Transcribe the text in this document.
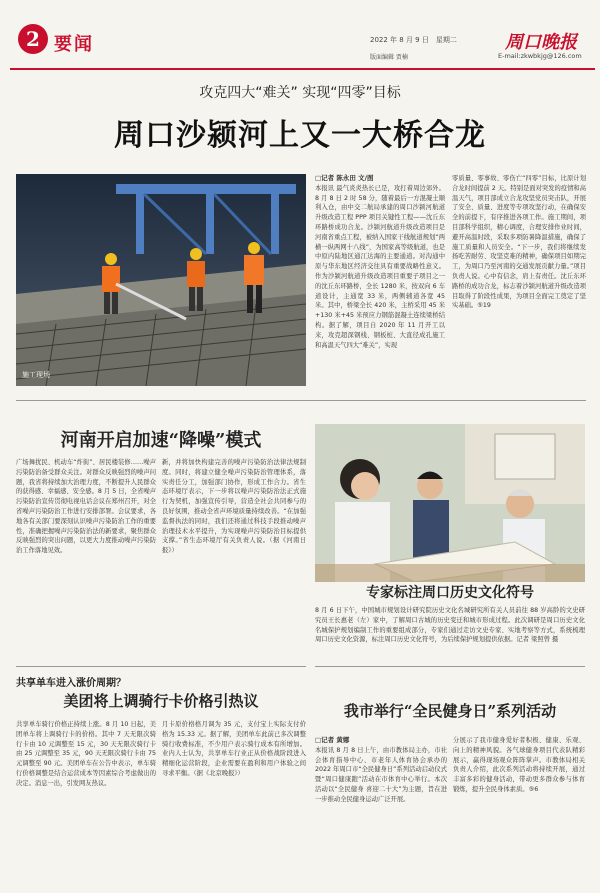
2 要闻	2022 年 8 月 9 日　星期二
版面编辑 贾楠
周口晚报
E-mail:zkwbkjg@126.com
攻克四大“难关” 实现“四零”目标
周口沙颍河上又一大桥合龙
施工现场
□记者 陈永田 文/图
本报讯 最气炎炎热长已是，攻打着周边郊外。8 月 8 日 2 时 58 分，随着最后一方混凝土顺利入仓，由中交二航局承建的周口沙颍河航道升级改造工程 PPP 项目关键性工程——沈丘东环路桥成功合龙。沙颍河航道升级改造项目是河南省重点工程，被纳入国家干线航道规划“两横一纵两网十八线”，为国家高等级航道，也是中原内陆地区通江达海的主要通道。对沟通中原与华东地区经济交往具有重要战略性意义。作为沙颍河航道升级改造项目重要子项目之一的沈丘东环路桥，全长 1280 米，按双向 6 车道设计，主通宽 33 米，两侧辅道各宽 45 米。其中，桥梁全长 420 米，主桥采用 45 米+130 米+45 米预应力钢筋混凝土连续梁桥结构。据了解，项目自 2020 年 11 月开工以来，攻克超深钢栈、钢板桩、大直径成孔施工和高温天气四大“难关”，实现
零质量、零事故、零伤亡“四零”目标，比原计划合龙时间提前 2 天。特别是面对突发的疫情和高温天气，项目部成立合龙攻坚党员突击队，开展了安全、质量、进度等专项攻坚行动，在确保安全的前提下，有序推进各项工作。施工期间，项目部科学组织，精心调度，合理安排作业时间，避开高温时段，采取多项防暑降温措施，确保了施工质量和人员安全。“下一步，我们将继续发扬吃苦耐劳、攻坚克难的精神，确保项目如期完工，为周口乃至河南的交通发展贡献力量。”项目负责人说。心中有信念，肩上有责任。沈丘东环路桥的成功合龙，标志着沙颍河航道升级改造项目取得了阶段性成果，为项目全面完工奠定了坚实基础。⑤19
河南开启加速“降噪”模式
广场舞扰民、机动车“炸街”、居民楼装修……噪声污染防治备受群众关注。对群众反映强烈的噪声问题，我省将持续加大治理力度，不断提升人民群众的获得感、幸福感、安全感。8 月 5 日，全省噪声污染防治宣传贯彻电视电话会议在郑州召开，对全省噪声污染防治工作进行安排部署。会议要求，各地各有关部门要深刻认识噪声污染防治工作的重要性，准确把握噪声污染防治法的新要求，聚焦群众反映强烈的突出问题，以更大力度推动噪声污染防治工作落地见效。
新，并将加快构建完善的噪声污染防治法律法规制度。同时，将建立健全噪声污染防治管理体系，落实责任分工，加强部门协作，形成工作合力。省生态环境厅表示，下一步将以噪声污染防治法正式施行为契机，加强宣传引导，营造全社会共同参与的良好氛围，推动全省声环境质量持续改善。“在加强监督执法的同时，我们还将通过科技手段推动噪声治理技术水平提升，为实现噪声污染防治目标提供支撑。”省生态环境厅有关负责人说。（据《河南日报》）
专家标注周口历史文化符号
8 月 6 日下午，中国城市规划设计研究院历史文化名城研究所有关人员前往 88 岁高龄的文史研究员王长惠老（左）家中，了解周口古城的历史变迁和城市形成过程。此次调研是周口历史文化名城保护规划编制工作的重要组成部分，专家们通过走访文史专家、实地考察等方式，系统梳理周口历史文化资源，标注周口历史文化符号，为后续保护规划提供依据。记者 梁照曾 摄
共享单车进入涨价周期？
美团将上调骑行卡价格引热议
共享单车骑行价格正持续上涨。8 月 10 日起，美团单车将上调骑行卡的价格。其中 7 天无限次骑行卡由 10 元调整至 15 元，30 天无限次骑行卡由 25 元调整至 35 元，90 天无限次骑行卡由 75 元调整至 90 元。美团单车在公告中表示，单车骑行价格调整是结合运营成本等因素综合考虑做出的决定。消息一出，引发网友热议。
月卡原价格格月调为 35 元，支付宝上实际支付价格为 15.33 元。据了解，美团单车此前已多次调整骑行收费标准，不少用户表示骑行成本有所增加。业内人士认为，共享单车行业正从价格战阶段进入精细化运营阶段，企业需要在盈利和用户体验之间寻求平衡。（据《北京晚报》）
我市举行“全民健身日”系列活动
□记者 黄娜
本报讯 8 月 8 日上午，由市教体局主办，市社会体育指导中心、市老年人体育协会承办的 2022 年周口市“全民健身日”系列活动启动仪式暨“周口健康跑”活动在市体育中心举行。本次活动以“全民健身 喜迎二十大”为主题，旨在进一步推动全民健身运动广泛开展。
分展示了我市健身爱好者积极、健康、乐观、向上的精神风貌。各气球健身项目代表队精彩展示，赢得现场观众阵阵掌声。市教体局相关负责人介绍，此次系列活动将持续开展，通过丰富多彩的健身活动，带动更多群众参与体育锻炼，提升全民身体素质。⑤6
